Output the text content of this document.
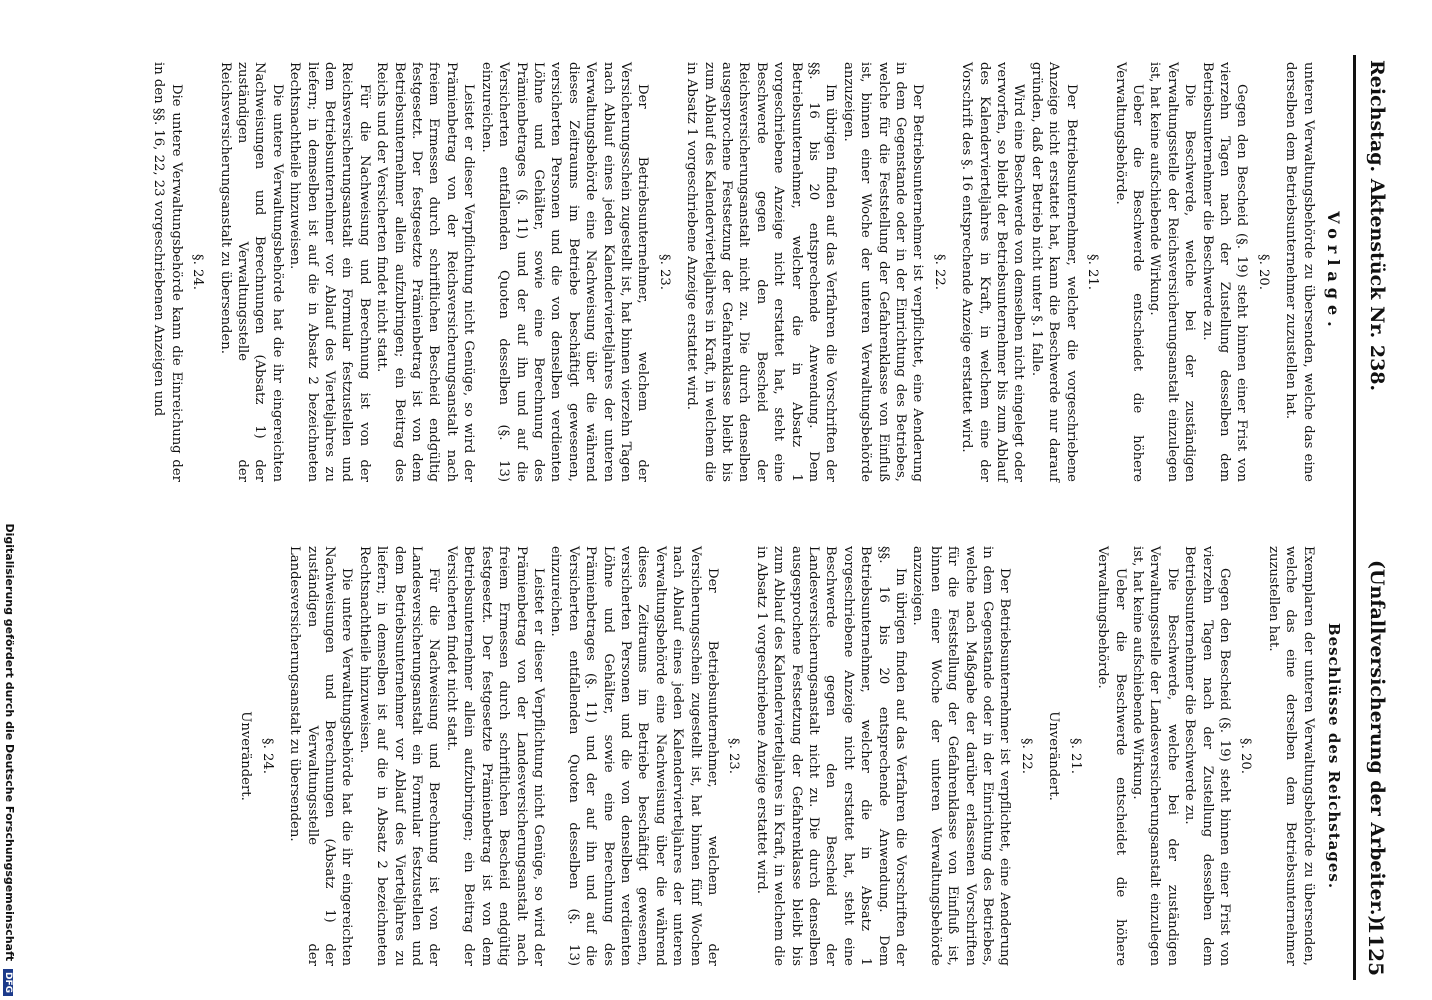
Reichstag. Aktenstück Nr. 238.
(Unfallversicherung der Arbeiter.)
1125
Vorlage.

unteren Verwaltungsbehörde zu übersenden, welche das eine derselben dem Betriebsunternehmer zuzustellen hat.

§. 20.

Gegen den Bescheid (§. 19) steht binnen einer Frist von vierzehn Tagen nach der Zustellung desselben dem Betriebsunternehmer die Beschwerde zu.

Die Beschwerde, welche bei der zuständigen Verwaltungsstelle der Reichsversicherungsanstalt einzulegen ist, hat keine aufschiebende Wirkung.

Ueber die Beschwerde entscheidet die höhere Verwaltungsbehörde.

§. 21.

Der Betriebsunternehmer, welcher die vorgeschriebene Anzeige nicht erstattet hat, kann die Beschwerde nur darauf gründen, daß der Betrieb nicht unter §. 1 falle.

Wird eine Beschwerde von demselben nicht eingelegt oder verworfen, so bleibt der Betriebsunternehmer bis zum Ablauf des Kalendervierteljahres in Kraft, in welchem eine der Vorschrift des §. 16 entsprechende Anzeige erstattet wird.

§. 22.

Der Betriebsunternehmer ist verpflichtet, eine Aenderung in dem Gegenstande oder in der Einrichtung des Betriebes, welche für die Feststellung der Gefahrenklasse von Einfluß ist, binnen einer Woche der unteren Verwaltungsbehörde anzuzeigen.

Im übrigen finden auf das Verfahren die Vorschriften der §§. 16 bis 20 entsprechende Anwendung. Dem Betriebsunternehmer, welcher die in Absatz 1 vorgeschriebene Anzeige nicht erstattet hat, steht eine Beschwerde gegen den Bescheid der Reichsversicherungsanstalt nicht zu. Die durch denselben ausgesprochene Festsetzung der Gefahrenklasse bleibt bis zum Ablauf des Kalendervierteljahres in Kraft, in welchem die in Absatz 1 vorgeschriebene Anzeige erstattet wird.

§. 23.

Der Betriebsunternehmer, welchem der Versicherungsschein zugestellt ist, hat binnen vierzehn Tagen nach Ablauf eines jeden Kalendervierteljahres der unteren Verwaltungsbehörde eine Nachweisung über die während dieses Zeitraums im Betriebe beschäftigt gewesenen, versicherten Personen und die von denselben verdienten Löhne und Gehälter, sowie eine Berechnung des Prämienbetrages (§. 11) und der auf ihn und auf die Versicherten entfallenden Quoten desselben (§. 13) einzureichen.

Leistet er dieser Verpflichtung nicht Genüge, so wird der Prämienbetrag von der Reichsversicherungsanstalt nach freiem Ermessen durch schriftlichen Bescheid endgültig festgesetzt. Der festgesetzte Prämienbetrag ist von dem Betriebsunternehmer allein aufzubringen; ein Beitrag des Reichs und der Versicherten findet nicht statt.

Für die Nachweisung und Berechnung ist von der Reichsversicherungsanstalt ein Formular festzustellen und dem Betriebsunternehmer vor Ablauf des Vierteljahres zu liefern; in demselben ist auf die in Absatz 2 bezeichneten Rechtsnachtheile hinzuweisen.

Die untere Verwaltungsbehörde hat die ihr eingereichten Nachweisungen und Berechnungen (Absatz 1) der zuständigen Verwaltungsstelle der Reichsversicherungsanstalt zu übersenden.

§. 24.

Die untere Verwaltungsbehörde kann die Einreichung der in den §§. 16, 22, 23 vorgeschriebenen Anzeigen und

Beschlüsse des Reichstages.

Exemplaren der unteren Verwaltungsbehörde zu übersenden, welche das eine derselben dem Betriebsunternehmer zuzustellen hat.

§. 20.

Gegen den Bescheid (§. 19) steht binnen einer Frist von vierzehn Tagen nach der Zustellung desselben dem Betriebsunternehmer die Beschwerde zu.

Die Beschwerde, welche bei der zuständigen Verwaltungsstelle der Landesversicherungsanstalt einzulegen ist, hat keine aufschiebende Wirkung.

Ueber die Beschwerde entscheidet die höhere Verwaltungsbehörde.

§. 21.
Unverändert.
§. 22.

Der Betriebsunternehmer ist verpflichtet, eine Aenderung in dem Gegenstande oder in der Einrichtung des Betriebes, welche nach Maßgabe der darüber erlassenen Vorschriften für die Feststellung der Gefahrenklasse von Einfluß ist, binnen einer Woche der unteren Verwaltungsbehörde anzuzeigen.

Im übrigen finden auf das Verfahren die Vorschriften der §§. 16 bis 20 entsprechende Anwendung. Dem Betriebsunternehmer, welcher die in Absatz 1 vorgeschriebene Anzeige nicht erstattet hat, steht eine Beschwerde gegen den Bescheid der Landesversicherungsanstalt nicht zu. Die durch denselben ausgesprochene Festsetzung der Gefahrenklasse bleibt bis zum Ablauf des Kalendervierteljahres in Kraft, in welchem die in Absatz 1 vorgeschriebene Anzeige erstattet wird.

§. 23.

Der Betriebsunternehmer, welchem der Versicherungsschein zugestellt ist, hat binnen fünf Wochen nach Ablauf eines jeden Kalendervierteljahres der unteren Verwaltungsbehörde eine Nachweisung über die während dieses Zeitraums im Betriebe beschäftigt gewesenen, versicherten Personen und die von denselben verdienten Löhne und Gehälter, sowie eine Berechnung des Prämienbetrages (§. 11) und der auf ihn und auf die Versicherten entfallenden Quoten desselben (§. 13) einzureichen.

Leistet er dieser Verpflichtung nicht Genüge, so wird der Prämienbetrag von der Landesversicherungsanstalt nach freiem Ermessen durch schriftlichen Bescheid endgültig festgesetzt. Der festgesetzte Prämienbetrag ist von dem Betriebsunternehmer allein aufzubringen; ein Beitrag der Versicherten findet nicht statt.

Für die Nachweisung und Berechnung ist von der Landesversicherungsanstalt ein Formular festzustellen und dem Betriebsunternehmer vor Ablauf des Vierteljahres zu liefern; in demselben ist auf die in Absatz 2 bezeichneten Rechtsnachtheile hinzuweisen.

Die untere Verwaltungsbehörde hat die ihr eingereichten Nachweisungen und Berechnungen (Absatz 1) der zuständigen Verwaltungsstelle der Landesversicherungsanstalt zu übersenden.

§. 24.
Unverändert.
Digitalisierung gefördert durch die Deutsche Forschungsgemeinschaft DFG
